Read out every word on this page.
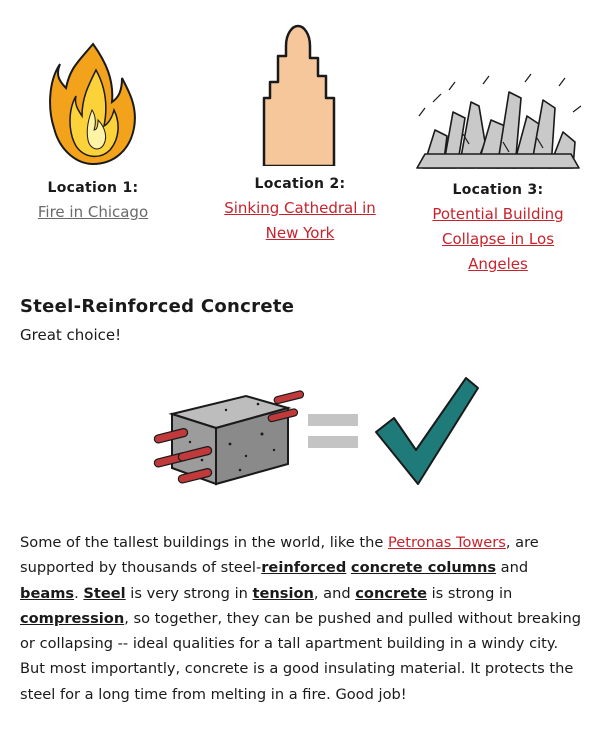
Location 1:
Fire in Chicago
Location 2:
Sinking Cathedral in
New York
Location 3:
Potential Building
Collapse in Los
Angeles
Steel-Reinforced Concrete

Great choice!

Some of the tallest buildings in the world, like the Petronas Towers, are supported by thousands of steel-reinforced concrete columns and beams. Steel is very strong in tension, and concrete is strong in compression, so together, they can be pushed and pulled without breaking or collapsing -- ideal qualities for a tall apartment building in a windy city. But most importantly, concrete is a good insulating material. It protects the steel for a long time from melting in a fire. Good job!
